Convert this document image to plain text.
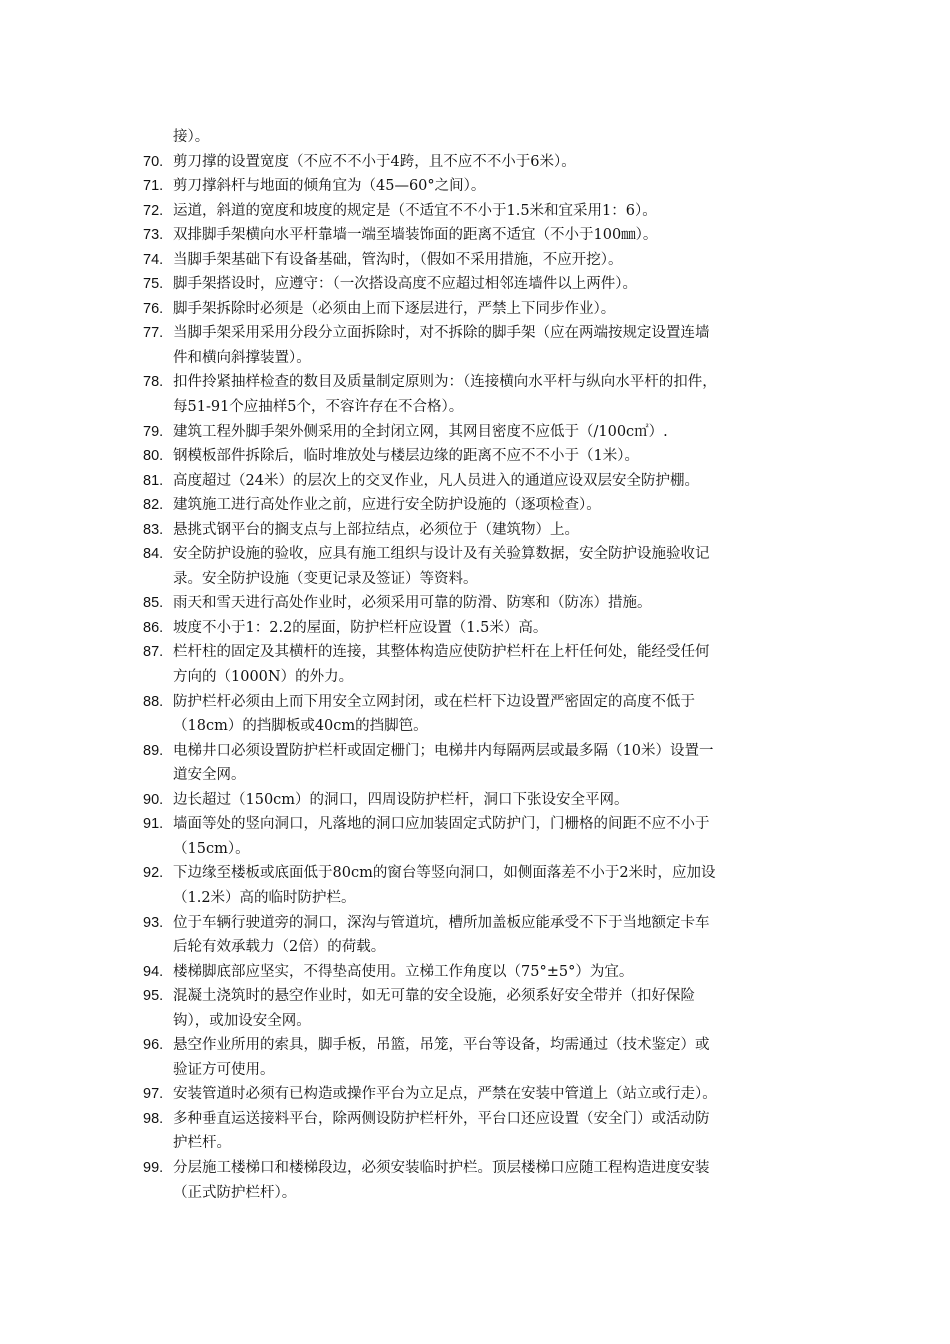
接）。
70. 剪刀撑的设置宽度（不应不不小于4跨，且不应不不小于6米）。
71. 剪刀撑斜杆与地面的倾角宜为（45—60°之间）。
72. 运道，斜道的宽度和坡度的规定是（不适宜不不小于1.5米和宜采用1：6）。
73. 双排脚手架横向水平杆靠墙一端至墙装饰面的距离不适宜（不小于100㎜）。
74. 当脚手架基础下有设备基础，管沟时，（假如不采用措施，不应开挖）。
75. 脚手架搭设时，应遵守：（一次搭设高度不应超过相邻连墙件以上两件）。
76. 脚手架拆除时必须是（必须由上而下逐层进行，严禁上下同步作业）。
77. 当脚手架采用采用分段分立面拆除时，对不拆除的脚手架（应在两端按规定设置连墙
件和横向斜撑装置）。
78. 扣件拎紧抽样检查的数目及质量制定原则为：（连接横向水平杆与纵向水平杆的扣件，
每51-91个应抽样5个，不容许存在不合格）。
79. 建筑工程外脚手架外侧采用的全封闭立网，其网目密度不应低于（/100c㎡）.
80. 钢模板部件拆除后，临时堆放处与楼层边缘的距离不应不不小于（1米）。
81. 高度超过（24米）的层次上的交叉作业，凡人员进入的通道应设双层安全防护棚。
82. 建筑施工进行高处作业之前，应进行安全防护设施的（逐项检查）。
83. 悬挑式钢平台的搁支点与上部拉结点，必须位于（建筑物）上。
84. 安全防护设施的验收，应具有施工组织与设计及有关验算数据，安全防护设施验收记
录。安全防护设施（变更记录及签证）等资料。
85. 雨天和雪天进行高处作业时，必须采用可靠的防滑、防寒和（防冻）措施。
86. 坡度不小于1：2.2的屋面，防护栏杆应设置（1.5米）高。
87. 栏杆柱的固定及其横杆的连接，其整体构造应使防护栏杆在上杆任何处，能经受任何
方向的（1000N）的外力。
88. 防护栏杆必须由上而下用安全立网封闭，或在栏杆下边设置严密固定的高度不低于
（18cm）的挡脚板或40cm的挡脚笆。
89. 电梯井口必须设置防护栏杆或固定栅门；电梯井内每隔两层或最多隔（10米）设置一
道安全网。
90. 边长超过（150cm）的洞口，四周设防护栏杆，洞口下张设安全平网。
91. 墙面等处的竖向洞口，凡落地的洞口应加装固定式防护门，门栅格的间距不应不小于
（15cm）。
92. 下边缘至楼板或底面低于80cm的窗台等竖向洞口，如侧面落差不小于2米时，应加设
（1.2米）高的临时防护栏。
93. 位于车辆行驶道旁的洞口，深沟与管道坑，槽所加盖板应能承受不下于当地额定卡车
后轮有效承载力（2倍）的荷载。
94. 楼梯脚底部应坚实，不得垫高使用。立梯工作角度以（75°±5°）为宜。
95. 混凝土浇筑时的悬空作业时，如无可靠的安全设施，必须系好安全带并（扣好保险
钩），或加设安全网。
96. 悬空作业所用的索具，脚手板，吊篮，吊笼，平台等设备，均需通过（技术鉴定）或
验证方可使用。
97. 安装管道时必须有已构造或操作平台为立足点，严禁在安装中管道上（站立或行走）。
98. 多种垂直运送接料平台，除两侧设防护栏杆外，平台口还应设置（安全门）或活动防
护栏杆。
99. 分层施工楼梯口和楼梯段边，必须安装临时护栏。顶层楼梯口应随工程构造进度安装
（正式防护栏杆）。
